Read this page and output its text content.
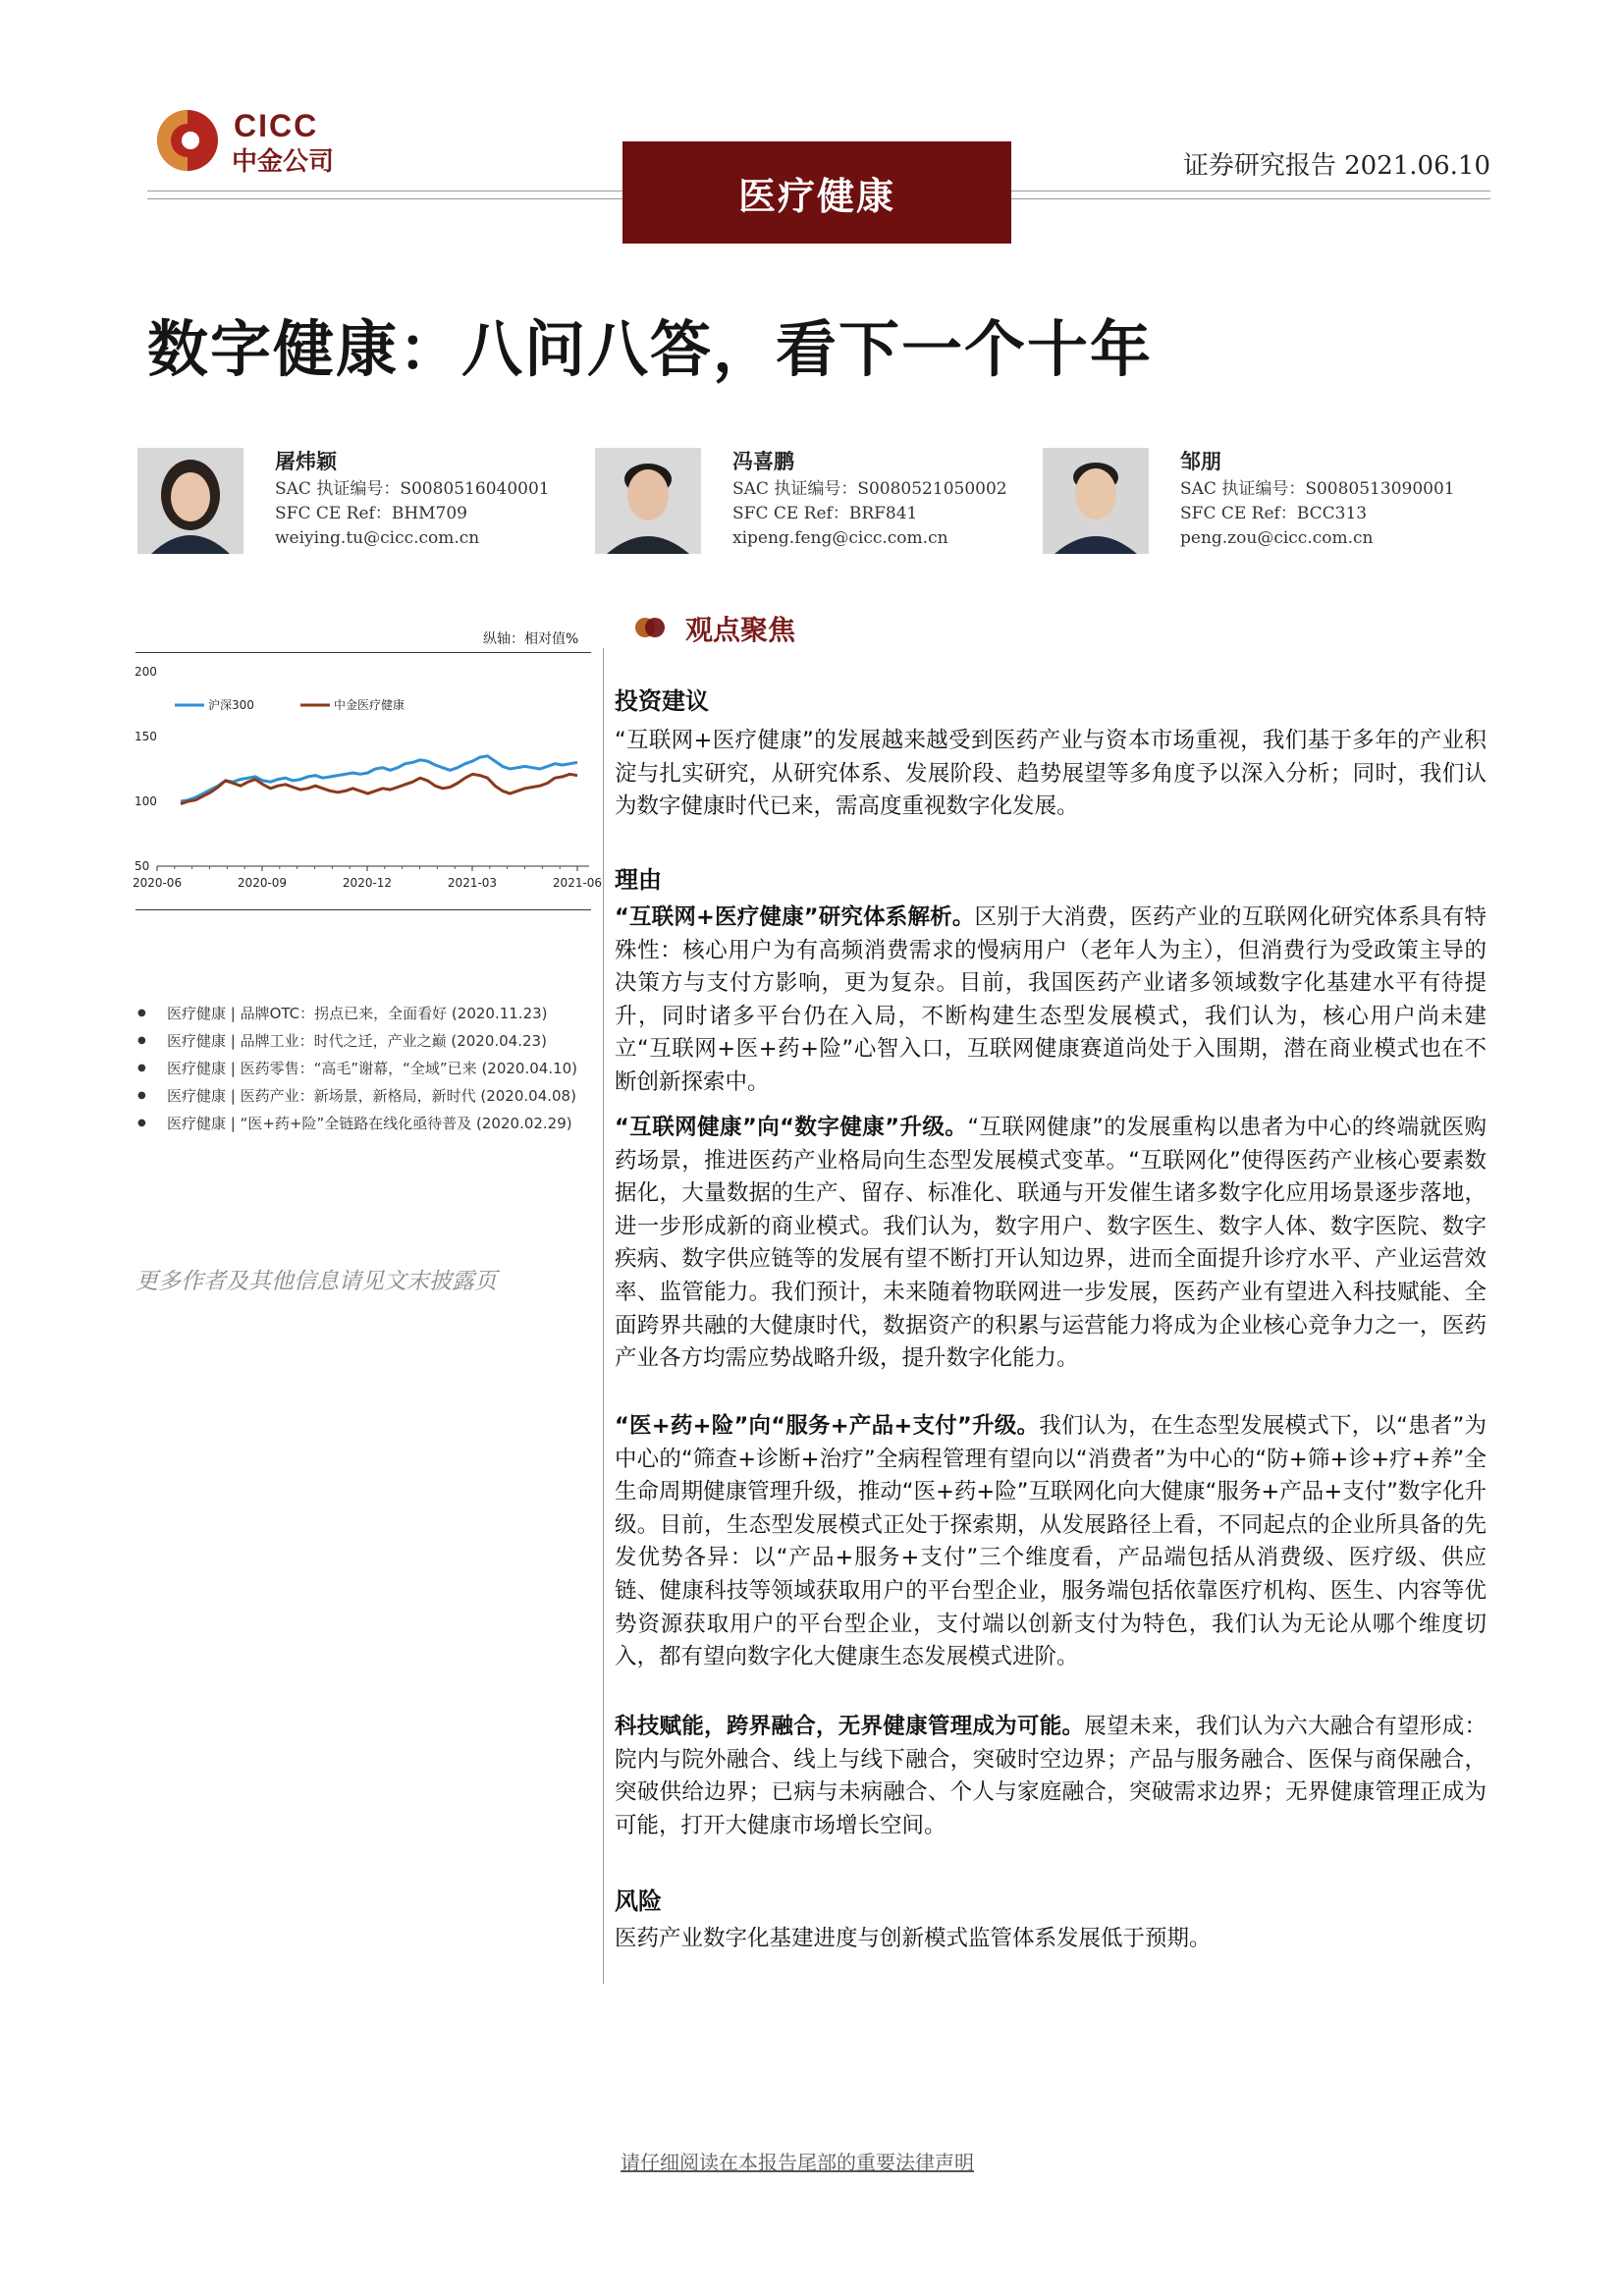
CICC
中金公司
医疗健康
证券研究报告 2021.06.10
数字健康：八问八答，看下一个十年
屠炜颖
SAC 执证编号：S0080516040001
SFC CE Ref：BHM709
weiying.tu@cicc.com.cn
冯喜鹏
SAC 执证编号：S0080521050002
SFC CE Ref：BRF841
xipeng.feng@cicc.com.cn
邹朋
SAC 执证编号：S0080513090001
SFC CE Ref：BCC313
peng.zou@cicc.com.cn
纵轴：相对值%
200
150
100
50
2020-06	2020-09	2020-12	2021-03	2021-06
沪深300	中金医疗健康
● 医疗健康 | 品牌OTC：拐点已来，全面看好 (2020.11.23)
● 医疗健康 | 品牌工业：时代之迁，产业之巅 (2020.04.23)
● 医疗健康 | 医药零售：“高毛”谢幕，“全域”已来 (2020.04.10)
● 医疗健康 | 医药产业：新场景，新格局，新时代 (2020.04.08)
● 医疗健康 | “医+药+险”全链路在线化亟待普及 (2020.02.29)
更多作者及其他信息请见文末披露页
观点聚焦
投资建议

“互联网+医疗健康”的发展越来越受到医药产业与资本市场重视，我们基于多年的产业积淀与扎实研究，从研究体系、发展阶段、趋势展望等多角度予以深入分析；同时，我们认为数字健康时代已来，需高度重视数字化发展。

理由

“互联网+医疗健康”研究体系解析。区别于大消费，医药产业的互联网化研究体系具有特殊性：核心用户为有高频消费需求的慢病用户（老年人为主），但消费行为受政策主导的决策方与支付方影响，更为复杂。目前，我国医药产业诸多领域数字化基建水平有待提升，同时诸多平台仍在入局，不断构建生态型发展模式，我们认为，核心用户尚未建立“互联网+医+药+险”心智入口，互联网健康赛道尚处于入围期，潜在商业模式也在不断创新探索中。

“互联网健康”向“数字健康”升级。“互联网健康”的发展重构以患者为中心的终端就医购药场景，推进医药产业格局向生态型发展模式变革。“互联网化”使得医药产业核心要素数据化，大量数据的生产、留存、标准化、联通与开发催生诸多数字化应用场景逐步落地，进一步形成新的商业模式。我们认为，数字用户、数字医生、数字人体、数字医院、数字疾病、数字供应链等的发展有望不断打开认知边界，进而全面提升诊疗水平、产业运营效率、监管能力。我们预计，未来随着物联网进一步发展，医药产业有望进入科技赋能、全面跨界共融的大健康时代，数据资产的积累与运营能力将成为企业核心竞争力之一，医药产业各方均需应势战略升级，提升数字化能力。

“医+药+险”向“服务+产品+支付”升级。我们认为，在生态型发展模式下，以“患者”为中心的“筛查+诊断+治疗”全病程管理有望向以“消费者”为中心的“防+筛+诊+疗+养”全生命周期健康管理升级，推动“医+药+险”互联网化向大健康“服务+产品+支付”数字化升级。目前，生态型发展模式正处于探索期，从发展路径上看，不同起点的企业所具备的先发优势各异：以“产品+服务+支付”三个维度看，产品端包括从消费级、医疗级、供应链、健康科技等领域获取用户的平台型企业，服务端包括依靠医疗机构、医生、内容等优势资源获取用户的平台型企业，支付端以创新支付为特色，我们认为无论从哪个维度切入，都有望向数字化大健康生态发展模式进阶。

科技赋能，跨界融合，无界健康管理成为可能。展望未来，我们认为六大融合有望形成：院内与院外融合、线上与线下融合，突破时空边界；产品与服务融合、医保与商保融合，突破供给边界；已病与未病融合、个人与家庭融合，突破需求边界；无界健康管理正成为可能，打开大健康市场增长空间。

风险

医药产业数字化基建进度与创新模式监管体系发展低于预期。

请仔细阅读在本报告尾部的重要法律声明
